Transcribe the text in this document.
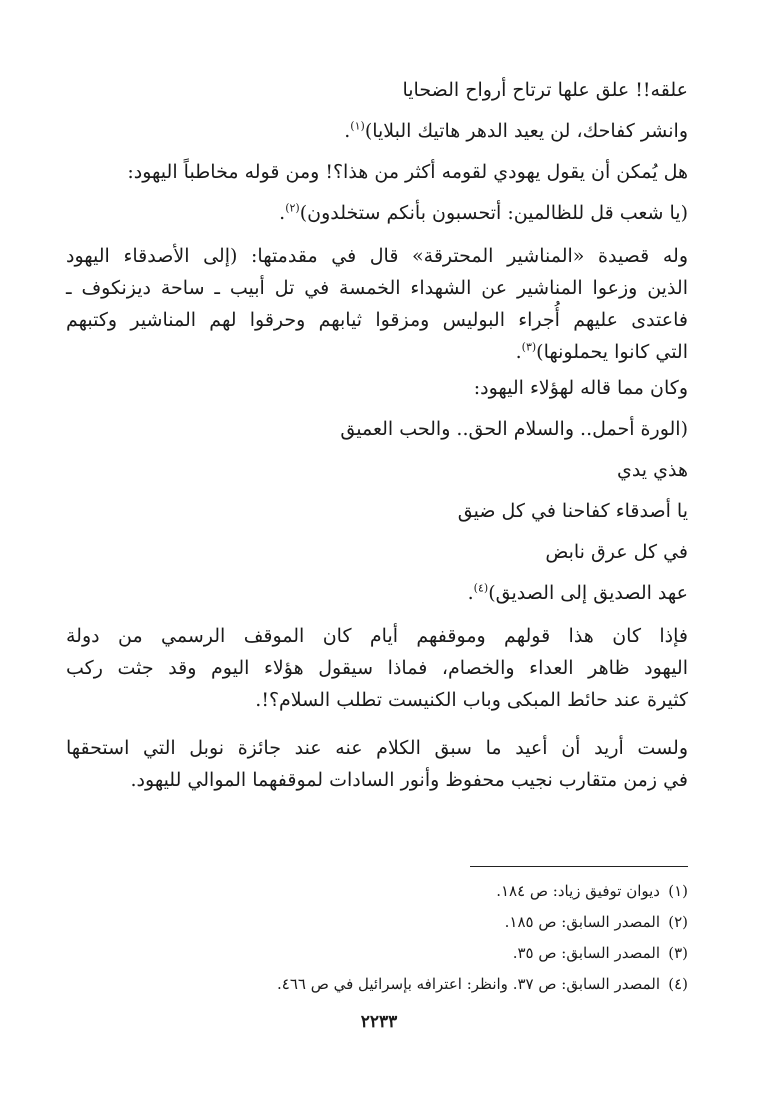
علقه!! علق علها ترتاح أرواح الضحايا
وانشر كفاحك، لن يعيد الدهر هاتيك البلايا)$^{(١)}$.
هل يُمكن أن يقول يهودي لقومه أكثر من هذا؟! ومن قوله مخاطباً اليهود:
(يا شعب قل للظالمين: أتحسبون بأنكم ستخلدون)$^{(٢)}$.
وله قصيدة «المناشير المحترقة» قال في مقدمتها: (إلى الأصدقاء اليهود
الذين وزعوا المناشير عن الشهداء الخمسة في تل أبيب ـ ساحة ديزنكوف ـ
فاعتدى عليهم أُجراء البوليس ومزقوا ثيابهم وحرقوا لهم المناشير وكتبهم
التي كانوا يحملونها)$^{(٣)}$.
وكان مما قاله لهؤلاء اليهود:
(الورة أحمل.. والسلام الحق.. والحب العميق
هذي يدي
يا أصدقاء كفاحنا في كل ضيق
في كل عرق نابض
عهد الصديق إلى الصديق)$^{(٤)}$.
فإذا كان هذا قولهم وموقفهم أيام كان الموقف الرسمي من دولة
اليهود ظاهر العداء والخصام، فماذا سيقول هؤلاء اليوم وقد جثت ركب
كثيرة عند حائط المبكى وباب الكنيست تطلب السلام؟!.
ولست أريد أن أعيد ما سبق الكلام عنه عند جائزة نوبل التي استحقها
في زمن متقارب نجيب محفوظ وأنور السادات لموقفهما الموالي لليهود.
(١)ديوان توفيق زياد: ص ١٨٤.
(٢)المصدر السابق: ص ١٨٥.
(٣)المصدر السابق: ص ٣٥.
(٤)المصدر السابق: ص ٣٧. وانظر: اعترافه بإسرائيل في ص ٤٦٦.
٢٢٣٣
